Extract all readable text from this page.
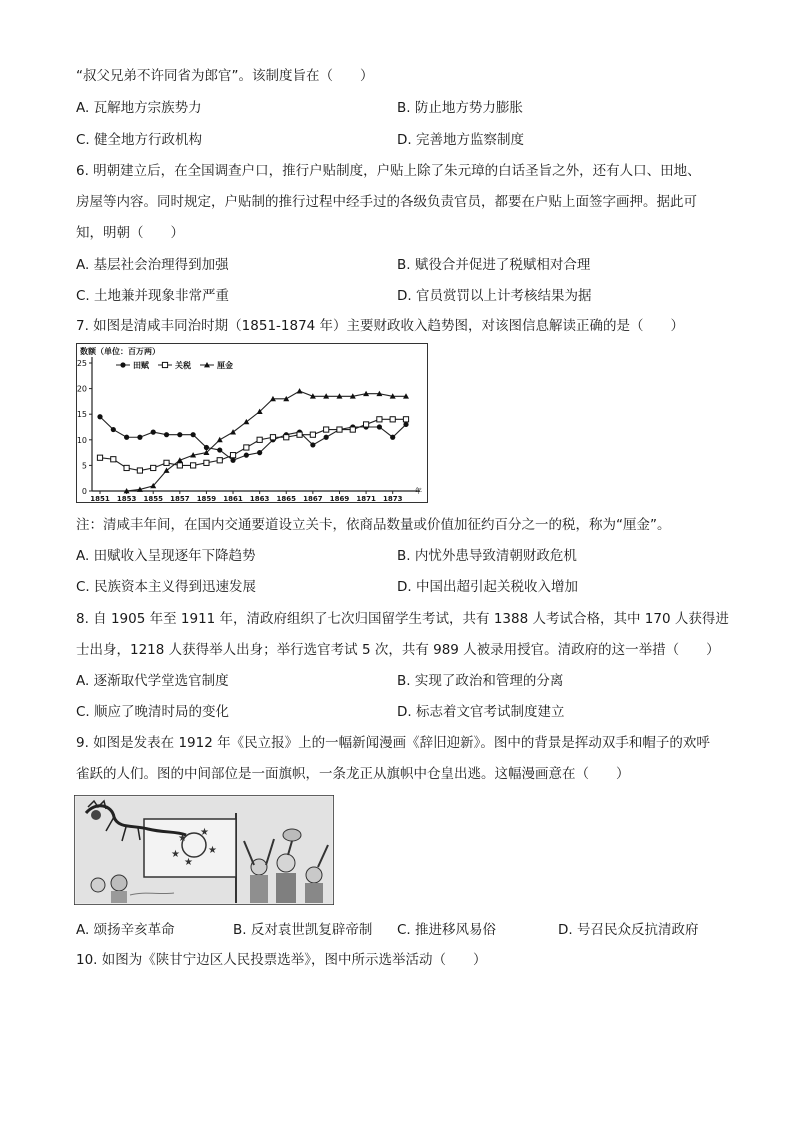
“叔父兄弟不许同省为郎官”。该制度旨在（　　）
A. 瓦解地方宗族势力	B. 防止地方势力膨胀
C. 健全地方行政机构	D. 完善地方监察制度
6. 明朝建立后，在全国调查户口，推行户贴制度，户贴上除了朱元璋的白话圣旨之外，还有人口、田地、
房屋等内容。同时规定，户贴制的推行过程中经手过的各级负责官员，都要在户贴上面签字画押。据此可
知，明朝（　　）
A. 基层社会治理得到加强	B. 赋役合并促进了税赋相对合理
C. 土地兼并现象非常严重	D. 官员赏罚以上计考核结果为据
7. 如图是清咸丰同治时期（1851-1874 年）主要财政收入趋势图，对该图信息解读正确的是（　　）
数额（单位：百万两）
0
5
10
15
20
25
1851 1853 1855 1857 1859 1861 1863 1865 1867 1869 1871 1873
年
田赋	关税	厘金
注：清咸丰年间，在国内交通要道设立关卡，依商品数量或价值加征约百分之一的税，称为“厘金”。
A. 田赋收入呈现逐年下降趋势	B. 内忧外患导致清朝财政危机
C. 民族资本主义得到迅速发展	D. 中国出超引起关税收入增加
8. 自 1905 年至 1911 年，清政府组织了七次归国留学生考试，共有 1388 人考试合格，其中 170 人获得进
士出身，1218 人获得举人出身；举行选官考试 5 次，共有 989 人被录用授官。清政府的这一举措（　　）
A. 逐渐取代学堂选官制度	B. 实现了政治和管理的分离
C. 顺应了晚清时局的变化	D. 标志着文官考试制度建立
9. 如图是发表在 1912 年《民立报》上的一幅新闻漫画《辞旧迎新》。图中的背景是挥动双手和帽子的欢呼
雀跃的人们。图的中间部位是一面旗帜，一条龙正从旗帜中仓皇出逃。这幅漫画意在（　　）
★
★
★
★
★
A. 颂扬辛亥革命	B. 反对袁世凯复辟帝制 C. 推进移风易俗	D. 号召民众反抗清政府
10. 如图为《陕甘宁边区人民投票选举》，图中所示选举活动（　　）
